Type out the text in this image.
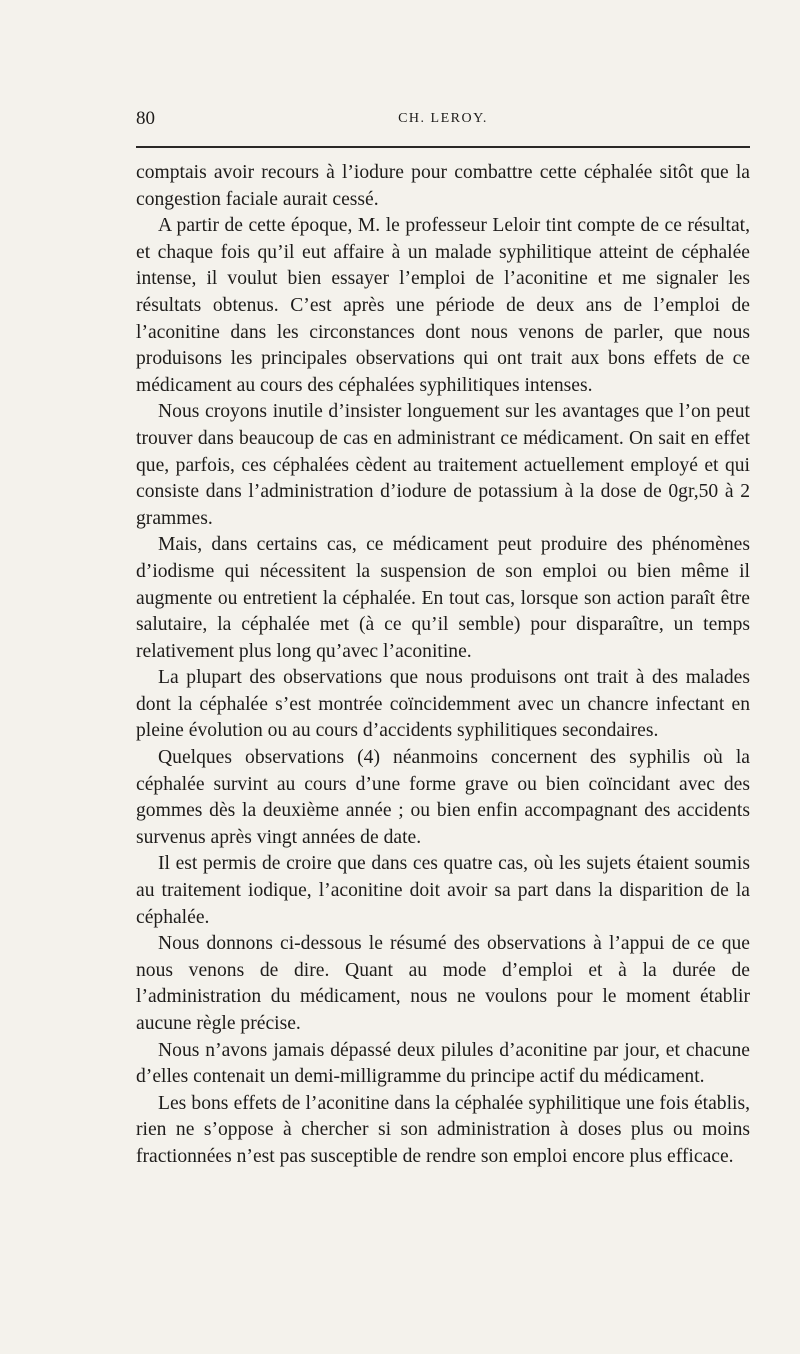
80	CH. LEROY.

comptais avoir recours à l’iodure pour combattre cette céphalée sitôt que la congestion faciale aurait cessé.

A partir de cette époque, M. le professeur Leloir tint compte de ce résultat, et chaque fois qu’il eut affaire à un malade syphilitique atteint de céphalée intense, il voulut bien essayer l’emploi de l’aconitine et me signaler les résultats obtenus. C’est après une période de deux ans de l’emploi de l’aconitine dans les circonstances dont nous venons de parler, que nous produisons les principales observations qui ont trait aux bons effets de ce médicament au cours des céphalées syphilitiques intenses.

Nous croyons inutile d’insister longuement sur les avantages que l’on peut trouver dans beaucoup de cas en administrant ce médicament. On sait en effet que, parfois, ces céphalées cèdent au traitement actuellement employé et qui consiste dans l’administration d’iodure de potassium à la dose de 0gr,50 à 2 grammes.

Mais, dans certains cas, ce médicament peut produire des phénomènes d’iodisme qui nécessitent la suspension de son emploi ou bien même il augmente ou entretient la céphalée. En tout cas, lorsque son action paraît être salutaire, la céphalée met (à ce qu’il semble) pour disparaître, un temps relativement plus long qu’avec l’aconitine.

La plupart des observations que nous produisons ont trait à des malades dont la céphalée s’est montrée coïncidemment avec un chancre infectant en pleine évolution ou au cours d’accidents syphilitiques secondaires.

Quelques observations (4) néanmoins concernent des syphilis où la céphalée survint au cours d’une forme grave ou bien coïncidant avec des gommes dès la deuxième année ; ou bien enfin accompagnant des accidents survenus après vingt années de date.

Il est permis de croire que dans ces quatre cas, où les sujets étaient soumis au traitement iodique, l’aconitine doit avoir sa part dans la disparition de la céphalée.

Nous donnons ci-dessous le résumé des observations à l’appui de ce que nous venons de dire. Quant au mode d’emploi et à la durée de l’administration du médicament, nous ne voulons pour le moment établir aucune règle précise.

Nous n’avons jamais dépassé deux pilules d’aconitine par jour, et chacune d’elles contenait un demi-milligramme du principe actif du médicament.

Les bons effets de l’aconitine dans la céphalée syphilitique une fois établis, rien ne s’oppose à chercher si son administration à doses plus ou moins fractionnées n’est pas susceptible de rendre son emploi encore plus efficace.
